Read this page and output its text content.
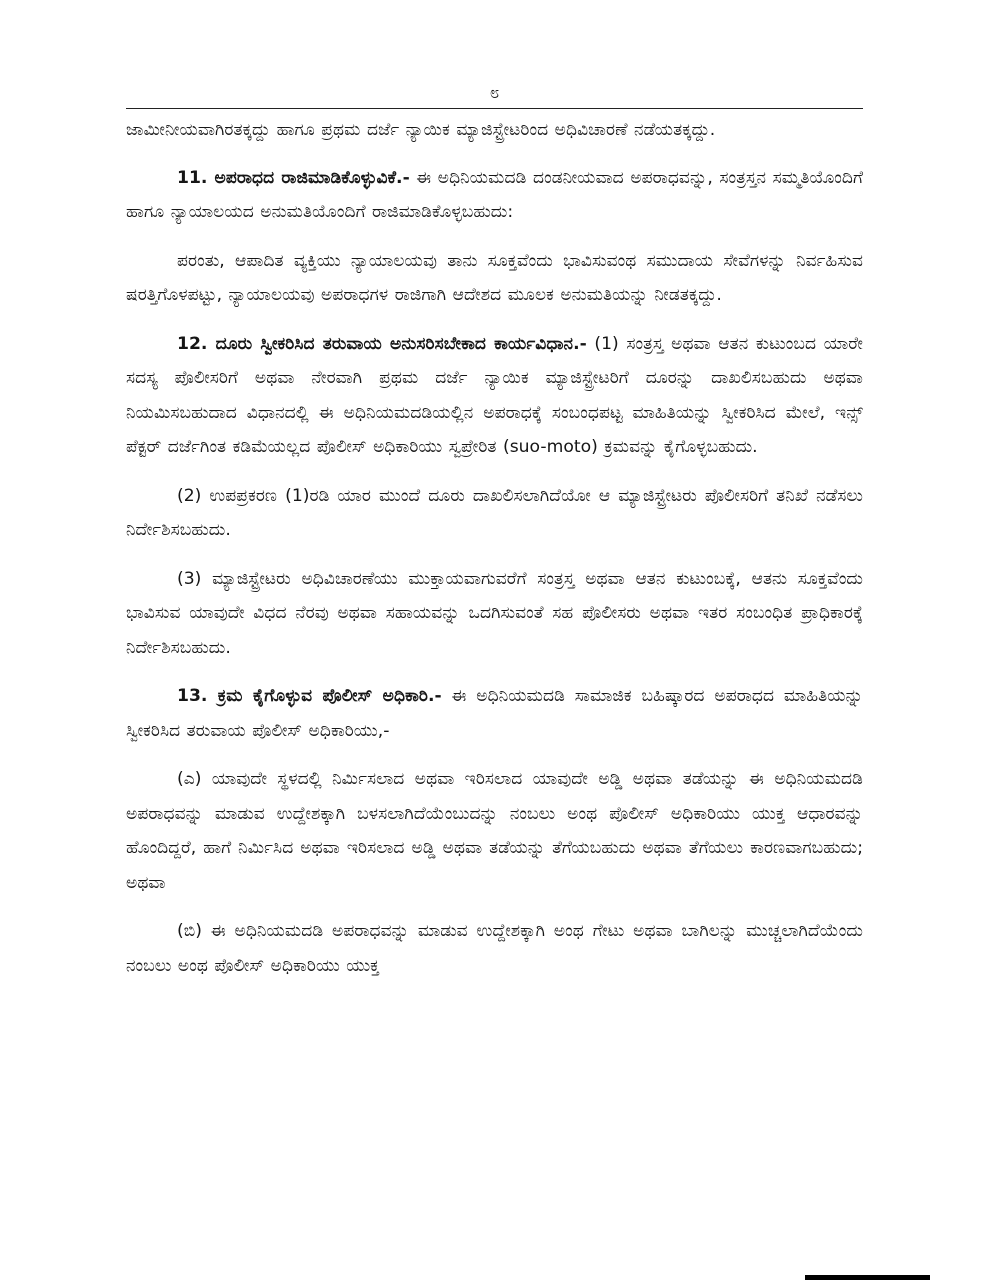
೮

ಜಾಮೀನೀಯವಾಗಿರತಕ್ಕದ್ದು ಹಾಗೂ ಪ್ರಥಮ ದರ್ಜೆ ನ್ಯಾಯಿಕ ಮ್ಯಾಜಿಸ್ಟ್ರೇಟರಿಂದ ಅಧಿವಿಚಾರಣೆ ನಡೆಯತಕ್ಕದ್ದು.

11. ಅಪರಾಧದ ರಾಜಿಮಾಡಿಕೊಳ್ಳುವಿಕೆ.- ಈ ಅಧಿನಿಯಮದಡಿ ದಂಡನೀಯವಾದ ಅಪರಾಧವನ್ನು, ಸಂತ್ರಸ್ತನ ಸಮ್ಮತಿಯೊಂದಿಗೆ ಹಾಗೂ ನ್ಯಾಯಾಲಯದ ಅನುಮತಿಯೊಂದಿಗೆ ರಾಜಿಮಾಡಿಕೊಳ್ಳಬಹುದು:

ಪರಂತು, ಆಪಾದಿತ ವ್ಯಕ್ತಿಯು ನ್ಯಾಯಾಲಯವು ತಾನು ಸೂಕ್ತವೆಂದು ಭಾವಿಸುವಂಥ ಸಮುದಾಯ ಸೇವೆಗಳನ್ನು ನಿರ್ವಹಿಸುವ ಷರತ್ತಿಗೊಳಪಟ್ಟು, ನ್ಯಾಯಾಲಯವು ಅಪರಾಧಗಳ ರಾಜಿಗಾಗಿ ಆದೇಶದ ಮೂಲಕ ಅನುಮತಿಯನ್ನು ನೀಡತಕ್ಕದ್ದು.

12. ದೂರು ಸ್ವೀಕರಿಸಿದ ತರುವಾಯ ಅನುಸರಿಸಬೇಕಾದ ಕಾರ್ಯವಿಧಾನ.- (1) ಸಂತ್ರಸ್ತ ಅಥವಾ ಆತನ ಕುಟುಂಬದ ಯಾರೇ ಸದಸ್ಯ ಪೊಲೀಸರಿಗೆ ಅಥವಾ ನೇರವಾಗಿ ಪ್ರಥಮ ದರ್ಜೆ ನ್ಯಾಯಿಕ ಮ್ಯಾಜಿಸ್ಟ್ರೇಟರಿಗೆ ದೂರನ್ನು ದಾಖಲಿಸಬಹುದು ಅಥವಾ ನಿಯಮಿಸಬಹುದಾದ ವಿಧಾನದಲ್ಲಿ ಈ ಅಧಿನಿಯಮದಡಿಯಲ್ಲಿನ ಅಪರಾಧಕ್ಕೆ ಸಂಬಂಧಪಟ್ಟ ಮಾಹಿತಿಯನ್ನು ಸ್ವೀಕರಿಸಿದ ಮೇಲೆ, ಇನ್ಸ್ ಪೆಕ್ಟರ್ ದರ್ಜೆಗಿಂತ ಕಡಿಮೆಯಲ್ಲದ ಪೊಲೀಸ್ ಅಧಿಕಾರಿಯು ಸ್ವಪ್ರೇರಿತ (suo-moto) ಕ್ರಮವನ್ನು ಕೈಗೊಳ್ಳಬಹುದು.

(2) ಉಪಪ್ರಕರಣ (1)ರಡಿ ಯಾರ ಮುಂದೆ ದೂರು ದಾಖಲಿಸಲಾಗಿದೆಯೋ ಆ ಮ್ಯಾಜಿಸ್ಟ್ರೇಟರು ಪೊಲೀಸರಿಗೆ ತನಿಖೆ ನಡೆಸಲು ನಿರ್ದೇಶಿಸಬಹುದು.

(3) ಮ್ಯಾಜಿಸ್ಟ್ರೇಟರು ಅಧಿವಿಚಾರಣೆಯು ಮುಕ್ತಾಯವಾಗುವರೆಗೆ ಸಂತ್ರಸ್ತ ಅಥವಾ ಆತನ ಕುಟುಂಬಕ್ಕೆ, ಆತನು ಸೂಕ್ತವೆಂದು ಭಾವಿಸುವ ಯಾವುದೇ ವಿಧದ ನೆರವು ಅಥವಾ ಸಹಾಯವನ್ನು ಒದಗಿಸುವಂತೆ ಸಹ ಪೊಲೀಸರು ಅಥವಾ ಇತರ ಸಂಬಂಧಿತ ಪ್ರಾಧಿಕಾರಕ್ಕೆ ನಿರ್ದೇಶಿಸಬಹುದು.

13. ಕ್ರಮ ಕೈಗೊಳ್ಳುವ ಪೊಲೀಸ್ ಅಧಿಕಾರಿ.- ಈ ಅಧಿನಿಯಮದಡಿ ಸಾಮಾಜಿಕ ಬಹಿಷ್ಕಾರದ ಅಪರಾಧದ ಮಾಹಿತಿಯನ್ನು ಸ್ವೀಕರಿಸಿದ ತರುವಾಯ ಪೊಲೀಸ್ ಅಧಿಕಾರಿಯು,-

(ಎ) ಯಾವುದೇ ಸ್ಥಳದಲ್ಲಿ ನಿರ್ಮಿಸಲಾದ ಅಥವಾ ಇರಿಸಲಾದ ಯಾವುದೇ ಅಡ್ಡಿ ಅಥವಾ ತಡೆಯನ್ನು ಈ ಅಧಿನಿಯಮದಡಿ ಅಪರಾಧವನ್ನು ಮಾಡುವ ಉದ್ದೇಶಕ್ಕಾಗಿ ಬಳಸಲಾಗಿದೆಯೆಂಬುದನ್ನು ನಂಬಲು ಅಂಥ ಪೊಲೀಸ್ ಅಧಿಕಾರಿಯು ಯುಕ್ತ ಆಧಾರವನ್ನು ಹೊಂದಿದ್ದರೆ, ಹಾಗೆ ನಿರ್ಮಿಸಿದ ಅಥವಾ ಇರಿಸಲಾದ ಅಡ್ಡಿ ಅಥವಾ ತಡೆಯನ್ನು ತೆಗೆಯಬಹುದು ಅಥವಾ ತೆಗೆಯಲು ಕಾರಣವಾಗಬಹುದು; ಅಥವಾ

(ಬಿ) ಈ ಅಧಿನಿಯಮದಡಿ ಅಪರಾಧವನ್ನು ಮಾಡುವ ಉದ್ದೇಶಕ್ಕಾಗಿ ಅಂಥ ಗೇಟು ಅಥವಾ ಬಾಗಿಲನ್ನು ಮುಚ್ಚಲಾಗಿದೆಯೆಂದು ನಂಬಲು ಅಂಥ ಪೊಲೀಸ್ ಅಧಿಕಾರಿಯು ಯುಕ್ತ
